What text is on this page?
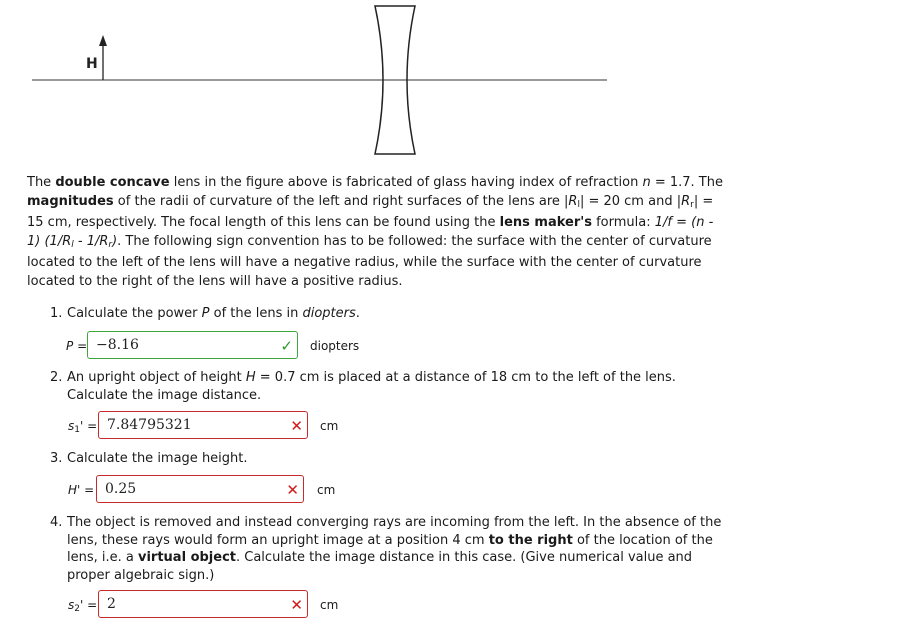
H
The double concave lens in the figure above is fabricated of glass having index of refraction n = 1.7. The magnitudes of the radii of curvature of the left and right surfaces of the lens are $|R_l| = 20$ cm and $|R_r| = 15$ cm, respectively. The focal length of this lens can be found using the lens maker's formula: 1/f = (n - 1) $(1/R_l - 1/R_r)$. The following sign convention has to be followed: the surface with the center of curvature located to the left of the lens will have a negative radius, while the surface with the center of curvature located to the right of the lens will have a positive radius.
1. Calculate the power P of the lens in diopters.
P = −8.16	✓ diopters
2. An upright object of height H = 0.7 cm is placed at a distance of 18 cm to the left of the lens. Calculate the image distance.
$s_1' = 7.84795321$	✕ cm
3. Calculate the image height.
H' = 0.25	✕ cm
4. The object is removed and instead converging rays are incoming from the left. In the absence of the lens, these rays would form an upright image at a position 4 cm to the right of the location of the lens, i.e. a virtual object. Calculate the image distance in this case. (Give numerical value and proper algebraic sign.)
$s_2' = 2$	✕ cm
